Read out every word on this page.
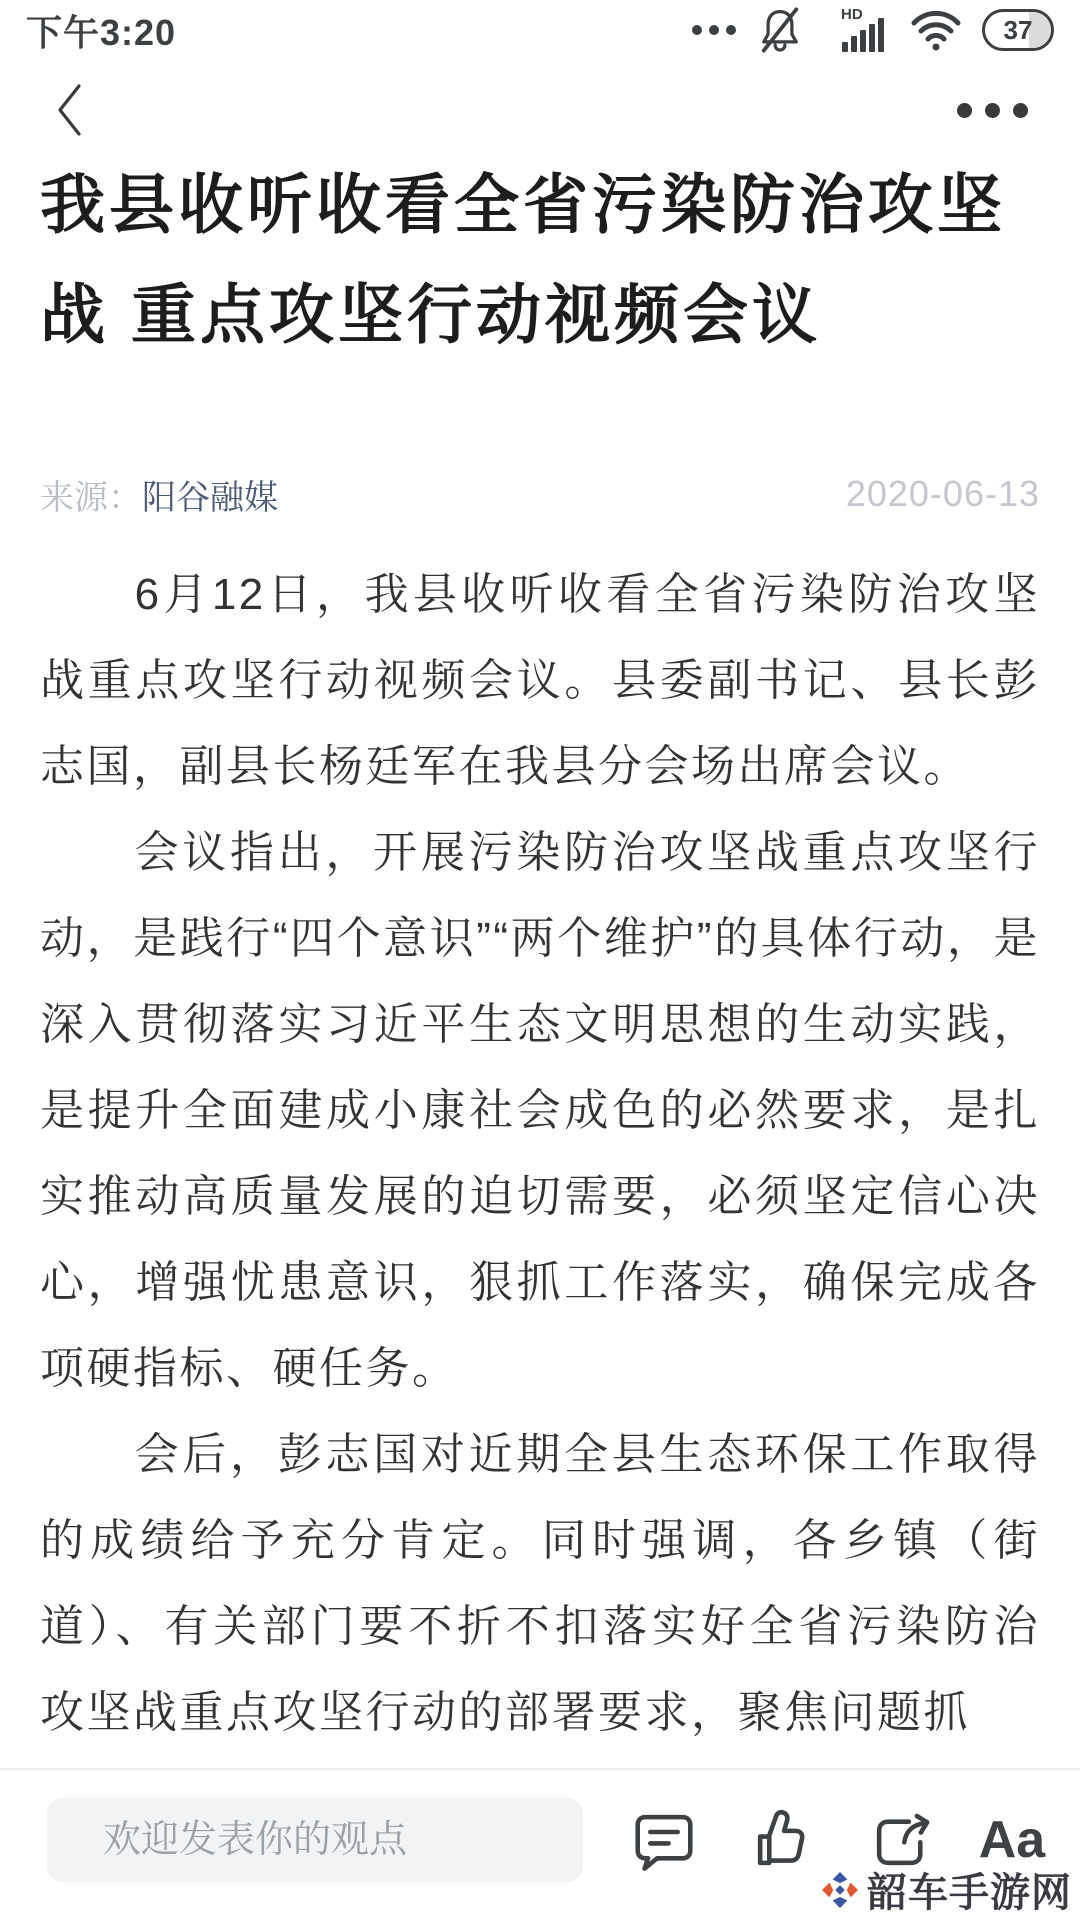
下午3:20	HD	37
我县收听收看全省污染防治攻坚战 重点攻坚行动视频会议
来源： 阳谷融媒	2020-06-13

6月12日，我县收听收看全省污染防治攻坚战重点攻坚行动视频会议。县委副书记、县长彭志国，副县长杨廷军在我县分会场出席会议。

会议指出，开展污染防治攻坚战重点攻坚行动，是践行“四个意识”“两个维护”的具体行动，是深入贯彻落实习近平生态文明思想的生动实践，是提升全面建成小康社会成色的必然要求，是扎实推动高质量发展的迫切需要，必须坚定信心决心，增强忧患意识，狠抓工作落实，确保完成各项硬指标、硬任务。

会后，彭志国对近期全县生态环保工作取得的成绩给予充分肯定。同时强调，各乡镇（街道）、有关部门要不折不扣落实好全省污染防治攻坚战重点攻坚行动的部署要求，聚焦问题抓

欢迎发表你的观点
Aa
韶车手游网
